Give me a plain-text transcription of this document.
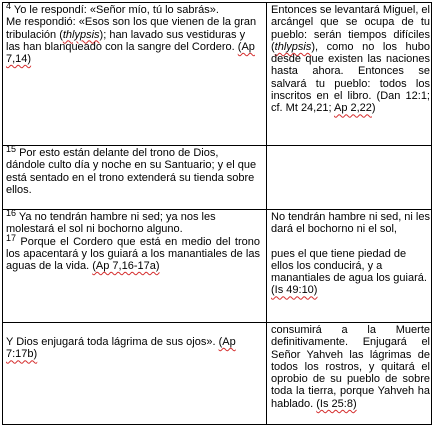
$^4$ Yo le respondí: «Señor mío, tú lo sabrás».

Me respondió: «Esos son los que vienen de la gran tribulación (thlypsis); han lavado sus vestiduras y las han blanqueado con la sangre del Cordero. (Ap 7,14)

Entonces se levantará Miguel, el arcángel que se ocupa de tu pueblo: serán tiempos difíciles (thlypsis), como no los hubo desde que existen las naciones hasta ahora. Entonces se salvará tu pueblo: todos los inscritos en el libro. (Dan 12:1; cf. Mt 24,21; Ap 2,22)

$^{15}$ Por esto están delante del trono de Dios, dándole culto día y noche en su Santuario; y el que está sentado en el trono extenderá su tienda sobre ellos.

$^{16}$ Ya no tendrán hambre ni sed; ya nos les molestará el sol ni bochorno alguno.

$^{17}$ Porque el Cordero que está en medio del trono los apacentará y los guiará a los manantiales de las aguas de la vida. (Ap 7,16-17a)

No tendrán hambre ni sed, ni les dará el bochorno ni el sol,

pues el que tiene piedad de ellos los conducirá, y a manantiales de agua los guiará. (Is 49:10)

Y Dios enjugará toda lágrima de sus ojos». (Ap 7:17b)

consumirá a la Muerte definitivamente. Enjugará el Señor Yahveh las lágrimas de todos los rostros, y quitará el oprobio de su pueblo de sobre toda la tierra, porque Yahveh ha hablado. (Is 25:8)
